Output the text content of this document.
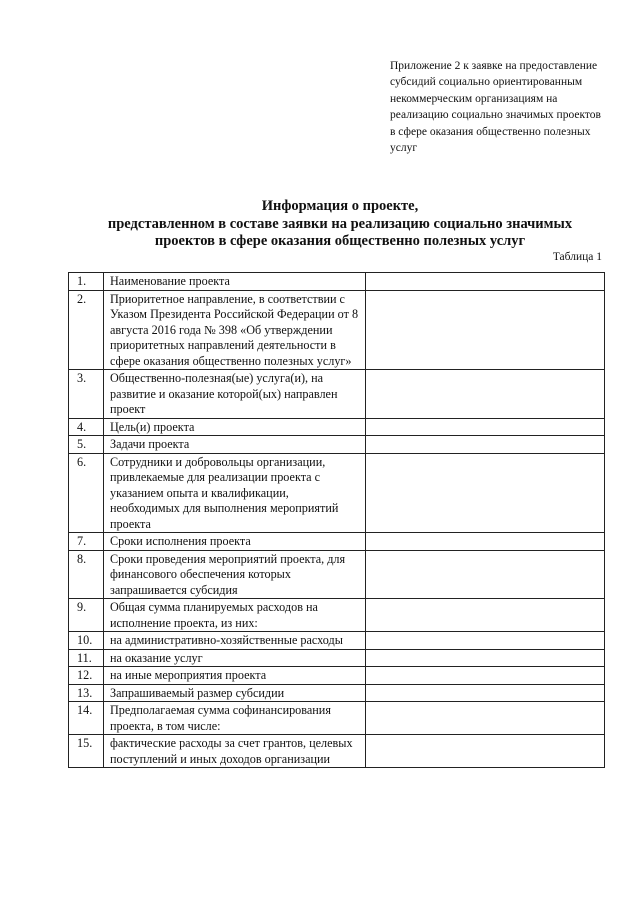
Приложение 2 к заявке на предоставление субсидий социально ориентированным некоммерческим организациям на реализацию социально значимых проектов в сфере оказания общественно полезных услуг
Информация о проекте,
представленном в составе заявки на реализацию социально значимых
проектов в сфере оказания общественно полезных услуг
Таблица 1
1.	Наименование проекта	
2.	Приоритетное направление, в соответствии с Указом Президента Российской Федерации от 8 августа 2016 года № 398 «Об утверждении приоритетных направлений деятельности в сфере оказания общественно полезных услуг»	
3.	Общественно-полезная(ые) услуга(и), на развитие и оказание которой(ых) направлен проект	
4.	Цель(и) проекта	
5.	Задачи проекта	
6.	Сотрудники и добровольцы организации, привлекаемые для реализации проекта с указанием опыта и квалификации, необходимых для выполнения мероприятий проекта	
7.	Сроки исполнения проекта	
8.	Сроки проведения мероприятий проекта, для финансового обеспечения которых запрашивается субсидия	
9.	Общая сумма планируемых расходов на исполнение проекта, из них:	
10.	на административно-хозяйственные расходы	
11.	на оказание услуг	
12.	на иные мероприятия проекта	
13.	Запрашиваемый размер субсидии	
14.	Предполагаемая сумма софинансирования проекта, в том числе:	
15.	фактические расходы за счет грантов, целевых поступлений и иных доходов организации	
